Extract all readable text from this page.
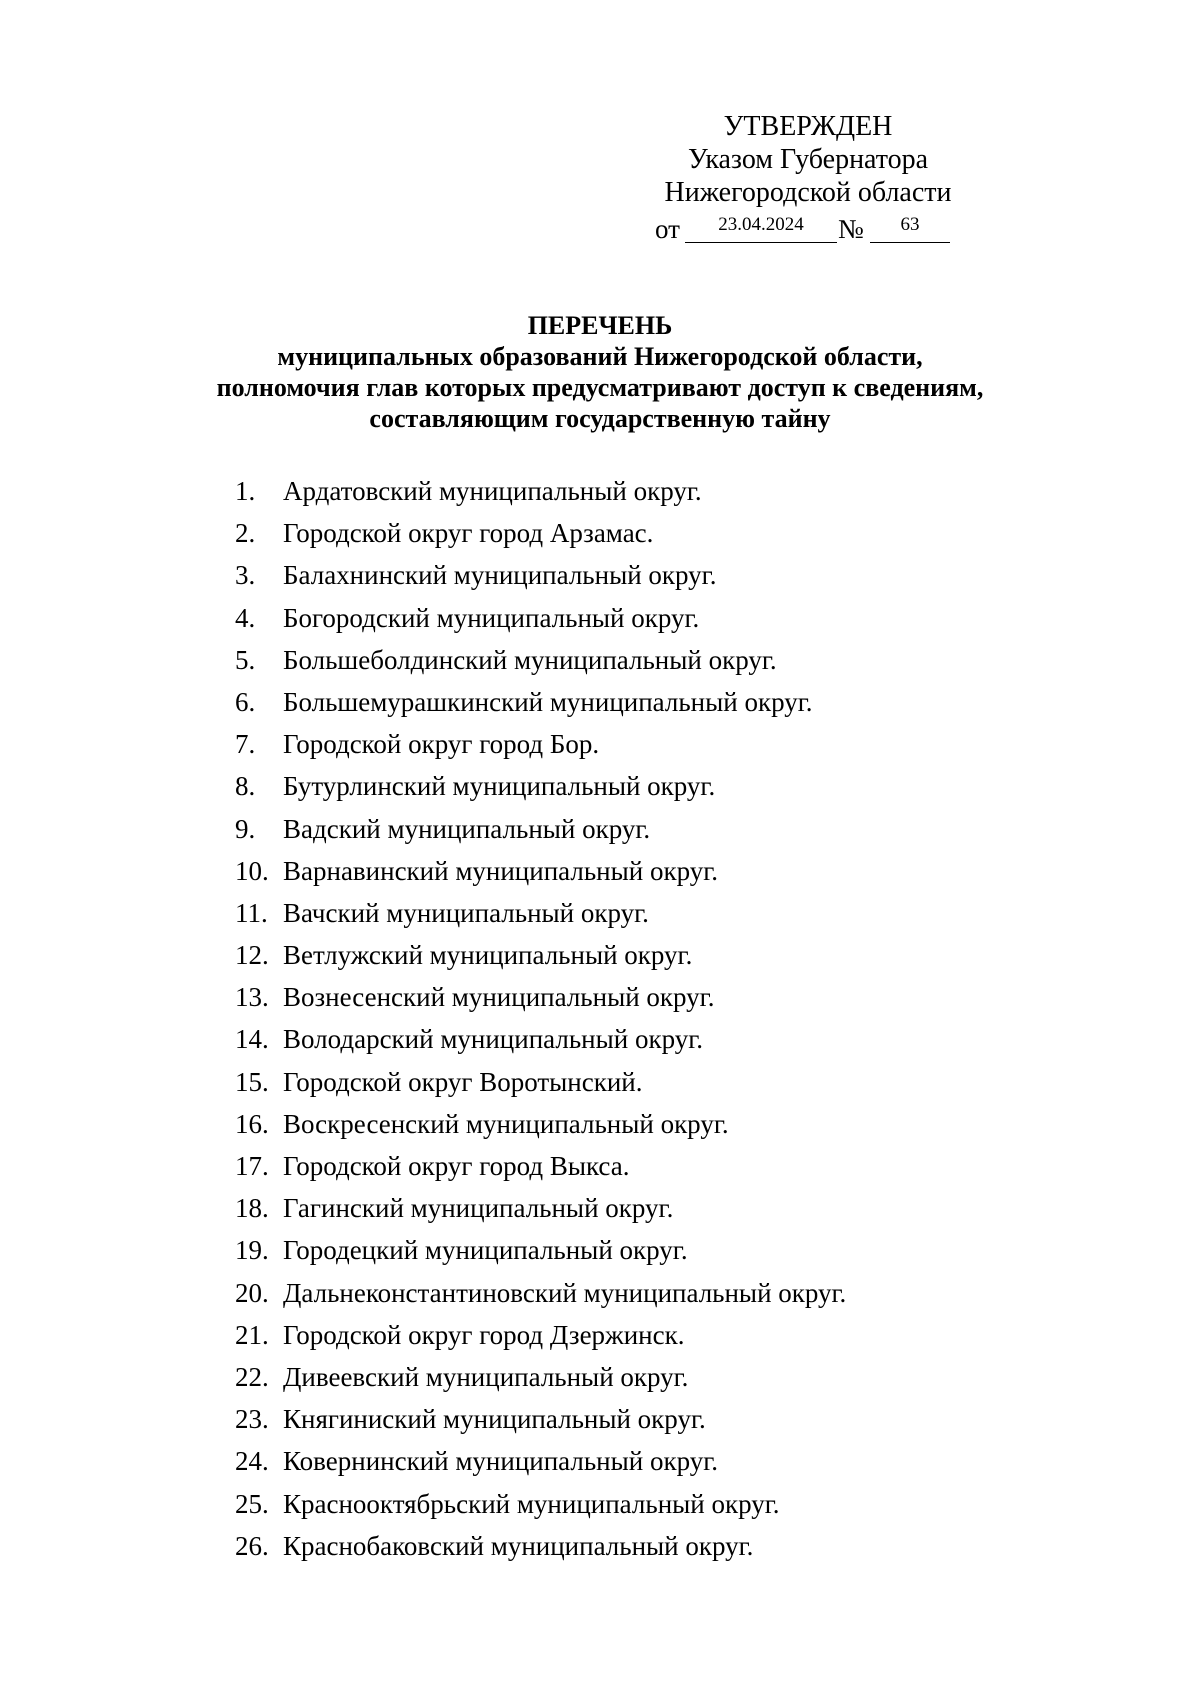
УТВЕРЖДЕН
Указом Губернатора
Нижегородской области
от	23.04.2024	№	63
ПЕРЕЧЕНЬ
муниципальных образований Нижегородской области,
полномочия глав которых предусматривают доступ к сведениям,
составляющим государственную тайну
1.	Ардатовский муниципальный округ.
2.	Городской округ город Арзамас.
3.	Балахнинский муниципальный округ.
4.	Богородский муниципальный округ.
5.	Большеболдинский муниципальный округ.
6.	Большемурашкинский муниципальный округ.
7.	Городской округ город Бор.
8.	Бутурлинский муниципальный округ.
9.	Вадский муниципальный округ.
10. Варнавинский муниципальный округ.
11. Вачский муниципальный округ.
12. Ветлужский муниципальный округ.
13. Вознесенский муниципальный округ.
14. Володарский муниципальный округ.
15. Городской округ Воротынский.
16. Воскресенский муниципальный округ.
17. Городской округ город Выкса.
18. Гагинский муниципальный округ.
19. Городецкий муниципальный округ.
20. Дальнеконстантиновский муниципальный округ.
21. Городской округ город Дзержинск.
22. Дивеевский муниципальный округ.
23. Княгиниский муниципальный округ.
24. Ковернинский муниципальный округ.
25. Краснооктябрьский муниципальный округ.
26. Краснобаковский муниципальный округ.
